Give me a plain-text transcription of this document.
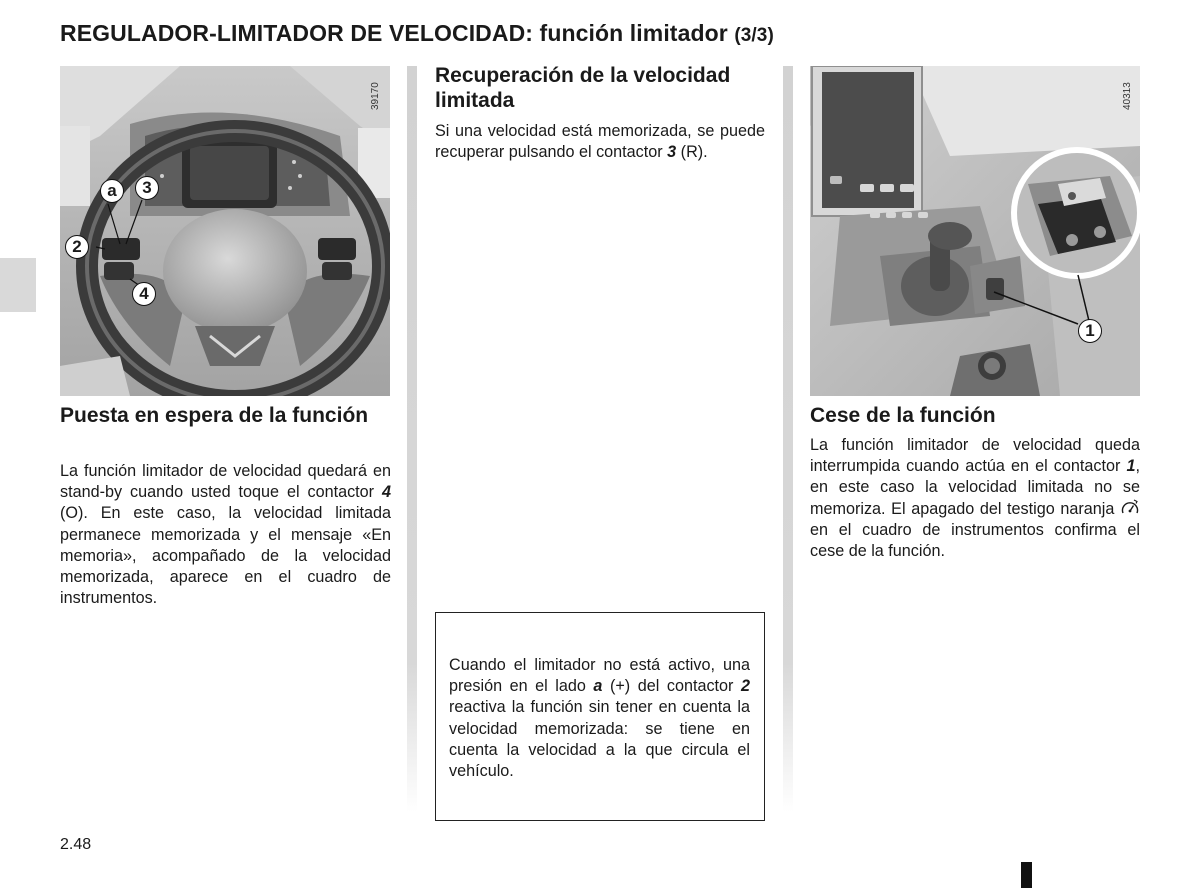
REGULADOR-LIMITADOR DE VELOCIDAD: función limitador (3/3)
a	3
2
4
39170
1
40313
Puesta en espera de la función

La función limitador de velocidad quedará en stand-by cuando usted toque el contactor 4 (O). En este caso, la velocidad limitada permanece memorizada y el mensaje «En memoria», acompañado de la velocidad memorizada, aparece en el cuadro de instrumentos.

Recuperación de la velocidad limitada

Si una velocidad está memorizada, se puede recuperar pulsando el contactor 3 (R).

Cuando el limitador no está activo, una presión en el lado a (+) del contactor 2 reactiva la función sin tener en cuenta la velocidad memorizada: se tiene en cuenta la velocidad a la que circula el vehículo.

Cese de la función

La función limitador de velocidad queda interrumpida cuando actúa en el contactor 1, en este caso la velocidad limitada no se memoriza. El apagado del testigo naranja  en el cuadro de instrumentos confirma el cese de la función.

2.48
